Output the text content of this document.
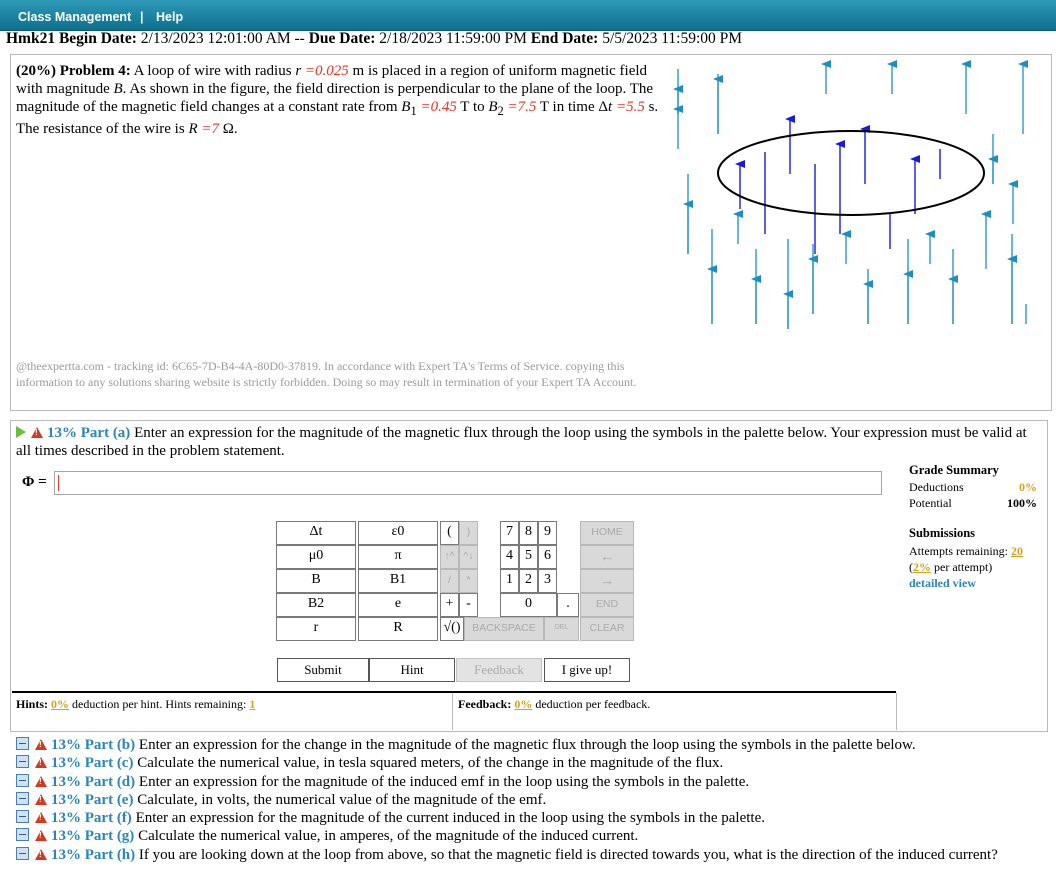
Class Management | Help
Hmk21 Begin Date: 2/13/2023 12:01:00 AM -- Due Date: 2/18/2023 11:59:00 PM End Date: 5/5/2023 11:59:00 PM
(20%) Problem 4: A loop of wire with radius r =0.025 m is placed in a region of uniform magnetic field with magnitude B. As shown in the figure, the field direction is perpendicular to the plane of the loop. The magnitude of the magnetic field changes at a constant rate from $B_1 =0.45$ T to $B_2 =7.5$ T in time Δt =5.5 s. The resistance of the wire is R =7 Ω.
@theexpertta.com - tracking id: 6C65-7D-B4-4A-80D0-37819. In accordance with Expert TA's Terms of Service. copying this information to any solutions sharing website is strictly forbidden. Doing so may result in termination of your Expert TA Account.
!13% Part (a) Enter an expression for the magnitude of the magnetic flux through the loop using the symbols in the palette below. Your expression must be valid at all times described in the problem statement.
Φ =
Δt	ε0
μ0	π
B	B1
B2	e
r	R
(	)	7 8 9	HOME
↑^ ^↓	4 5 6	←
/	*	1 2 3	→
+ -	0	.	END
√()	BACKSPACE	DEL	CLEAR
Submit	Hint	Feedback	I give up!
Grade Summary
Deductions	0%
Potential	100%
Submissions
Attempts remaining: 20
(2% per attempt)
detailed view
Hints: 0% deduction per hint. Hints remaining: 1	Feedback: 0% deduction per feedback.
!13% Part (b) Enter an expression for the change in the magnitude of the magnetic flux through the loop using the symbols in the palette below.
!13% Part (c) Calculate the numerical value, in tesla squared meters, of the change in the magnitude of the flux.
!13% Part (d) Enter an expression for the magnitude of the induced emf in the loop using the symbols in the palette.
!13% Part (e) Calculate, in volts, the numerical value of the magnitude of the emf.
!13% Part (f) Enter an expression for the magnitude of the current induced in the loop using the symbols in the palette.
!13% Part (g) Calculate the numerical value, in amperes, of the magnitude of the induced current.
!13% Part (h) If you are looking down at the loop from above, so that the magnetic field is directed towards you, what is the direction of the induced current?
